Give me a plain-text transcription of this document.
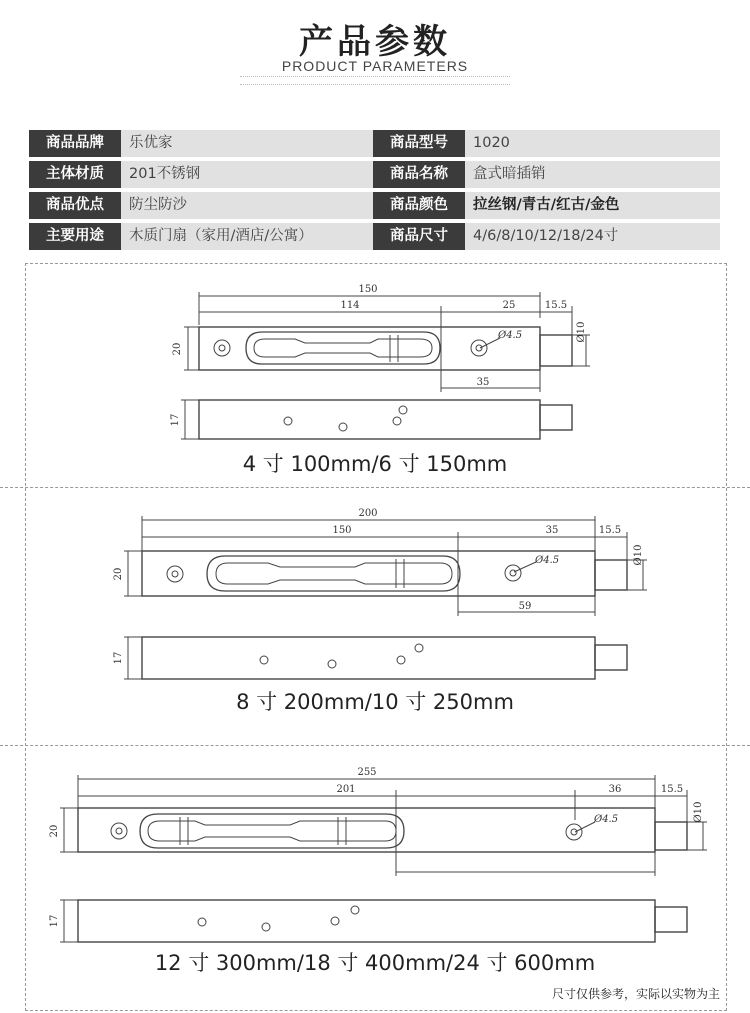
产品参数
PRODUCT PARAMETERS
商品品牌	乐优家	商品型号	1020
主体材质	201不锈钢	商品名称	盒式暗插销
商品优点	防尘防沙	商品颜色	拉丝钢/青古/红古/金色
主要用途	木质门扇（家用/酒店/公寓）	商品尺寸	4/6/8/10/12/18/24寸
150
114	25	15.5
35
Ø4.5	Ø10
20
17
4 寸 100mm/6 寸 150mm
200
150	35	15.5
59
Ø4.5	Ø10
20
17
8 寸 200mm/10 寸 250mm
255
201	36	15.5
Ø4.5	Ø10
20
17
12 寸 300mm/18 寸 400mm/24 寸 600mm
尺寸仅供参考，实际以实物为主
